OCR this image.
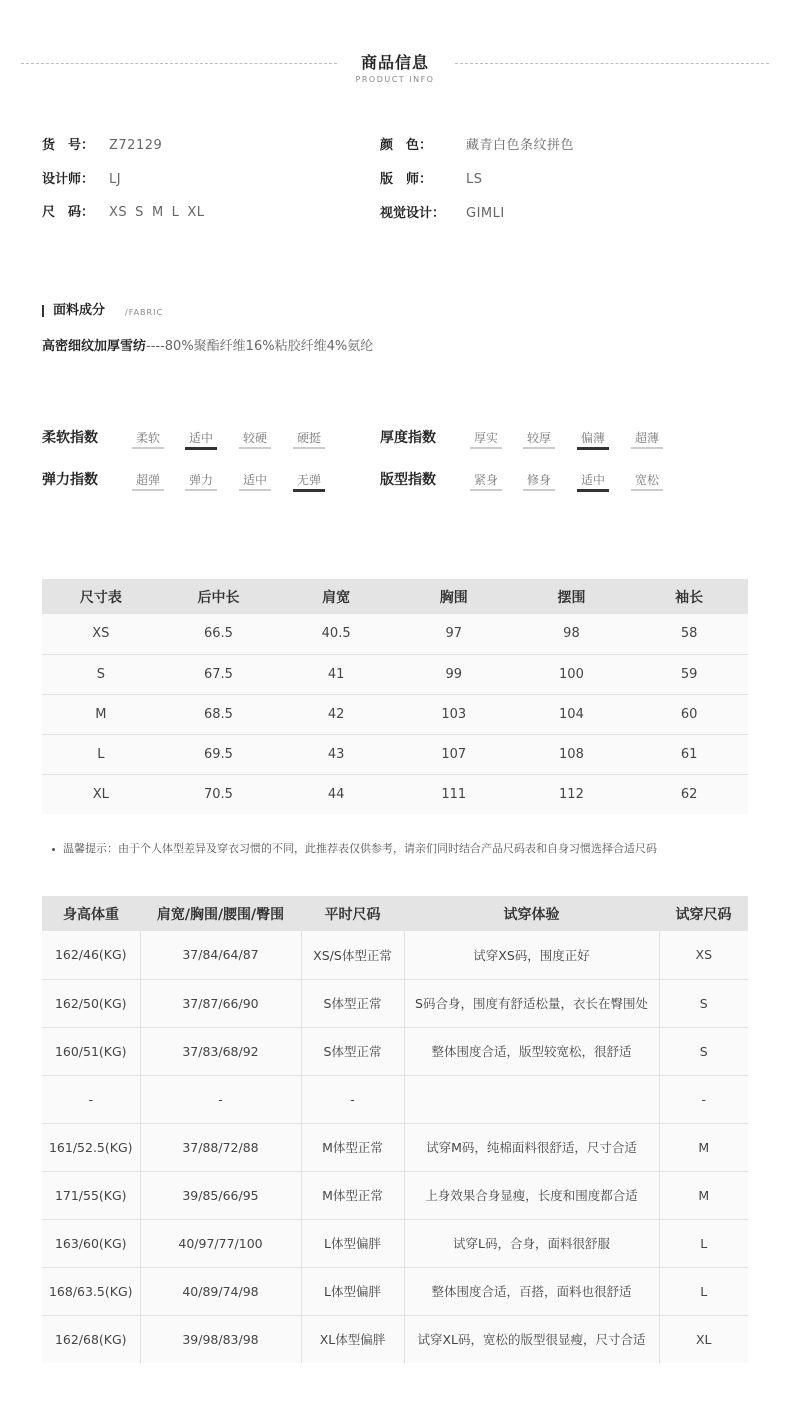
商品信息
PRODUCT INFO
货　号： Z72129	颜　色：	藏青白色条纹拼色
设计师： LJ	版　师：	LS
尺　码： XS S M L XL	视觉设计： GIMLI
面料成分 /FABRIC
高密细纹加厚雪纺----80%聚酯纤维16%粘胶纤维4%氨纶
柔软指数	柔软	适中	较硬	硬挺	厚度指数	厚实	较厚	偏薄	超薄
弹力指数	超弹	弹力	适中	无弹	版型指数	紧身	修身	适中	宽松
尺寸表	后中长	肩宽	胸围	摆围	袖长
XS	66.5	40.5	97	98	58
S	67.5	41	99	100	59
M	68.5	42	103	104	60
L	69.5	43	107	108	61
XL	70.5	44	111	112	62
温馨提示：由于个人体型差异及穿衣习惯的不同，此推荐表仅供参考，请亲们同时结合产品尺码表和自身习惯选择合适尺码
身高体重	肩宽/胸围/腰围/臀围	平时尺码	试穿体验	试穿尺码
162/46(KG)	37/84/64/87	XS/S体型正常	试穿XS码，围度正好	XS
162/50(KG)	37/87/66/90	S体型正常	S码合身，围度有舒适松量，衣长在臀围处	S
160/51(KG)	37/83/68/92	S体型正常	整体围度合适，版型较宽松，很舒适	S
-	-	-		-
161/52.5(KG)	37/88/72/88	M体型正常	试穿M码，纯棉面料很舒适，尺寸合适	M
171/55(KG)	39/85/66/95	M体型正常	上身效果合身显瘦，长度和围度都合适	M
163/60(KG)	40/97/77/100	L体型偏胖	试穿L码，合身，面料很舒服	L
168/63.5(KG)	40/89/74/98	L体型偏胖	整体围度合适，百搭，面料也很舒适	L
162/68(KG)	39/98/83/98	XL体型偏胖	试穿XL码，宽松的版型很显瘦，尺寸合适	XL
